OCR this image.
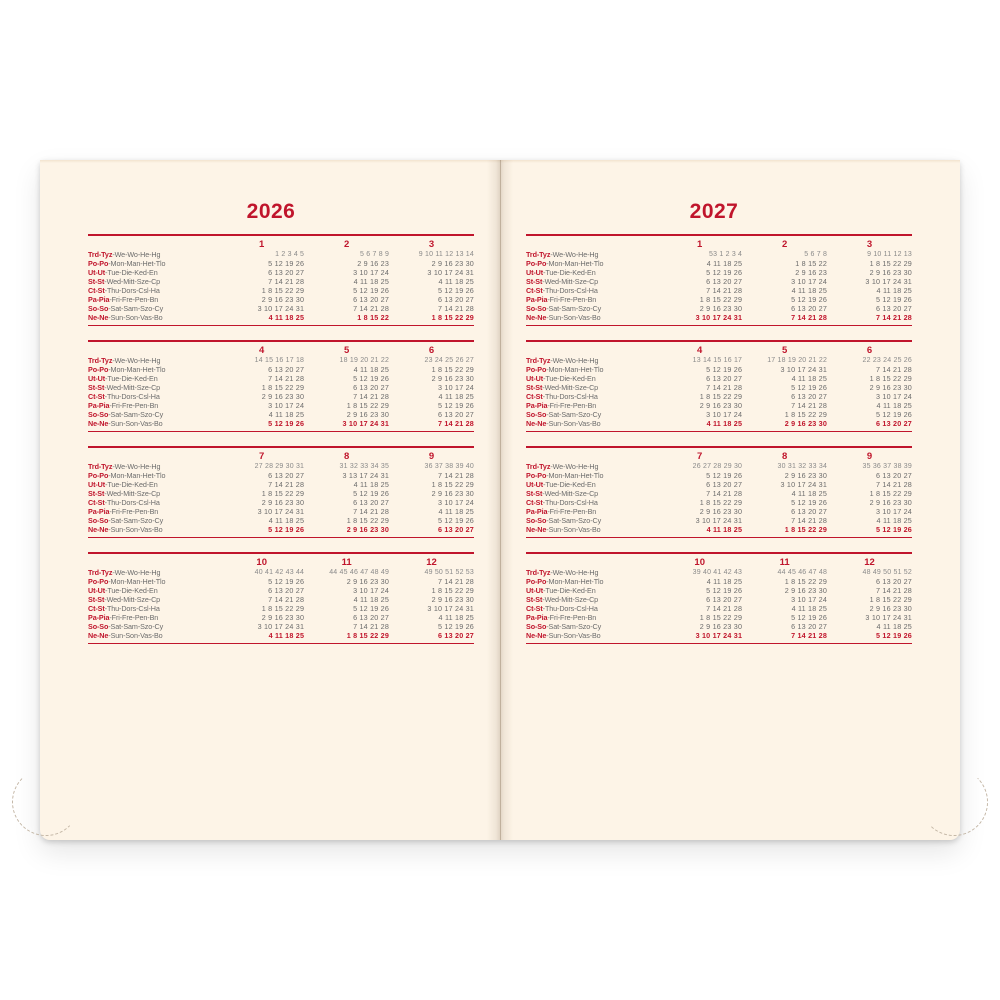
2026
	1	2	3
Trd-Tyz-We-Wo-He-Hg	1 2 3 4 5	5 6 7 8 9	9 10 11 12 13 14
Po-Po-Mon-Man-Het-Tlo	5 12 19 26	2 9 16 23	2 9 16 23 30
Ut-Ut-Tue-Die-Ked-En	6 13 20 27	3 10 17 24	3 10 17 24 31
St-St-Wed-Mitt-Sze-Cp	7 14 21 28	4 11 18 25	4 11 18 25
Ct-St-Thu-Dors-Csl-Ha	1 8 15 22 29	5 12 19 26	5 12 19 26
Pa-Pia-Fri-Fre-Pen-Bn	2 9 16 23 30	6 13 20 27	6 13 20 27
So-So-Sat-Sam-Szo-Cy	3 10 17 24 31	7 14 21 28	7 14 21 28
Ne-Ne-Sun-Son-Vas-Bo	4 11 18 25	1 8 15 22	1 8 15 22 29
	4	5	6
Trd-Tyz-We-Wo-He-Hg	14 15 16 17 18	18 19 20 21 22	23 24 25 26 27
Po-Po-Mon-Man-Het-Tlo	6 13 20 27	4 11 18 25	1 8 15 22 29
Ut-Ut-Tue-Die-Ked-En	7 14 21 28	5 12 19 26	2 9 16 23 30
St-St-Wed-Mitt-Sze-Cp	1 8 15 22 29	6 13 20 27	3 10 17 24
Ct-St-Thu-Dors-Csl-Ha	2 9 16 23 30	7 14 21 28	4 11 18 25
Pa-Pia-Fri-Fre-Pen-Bn	3 10 17 24	1 8 15 22 29	5 12 19 26
So-So-Sat-Sam-Szo-Cy	4 11 18 25	2 9 16 23 30	6 13 20 27
Ne-Ne-Sun-Son-Vas-Bo	5 12 19 26	3 10 17 24 31	7 14 21 28
	7	8	9
Trd-Tyz-We-Wo-He-Hg	27 28 29 30 31	31 32 33 34 35	36 37 38 39 40
Po-Po-Mon-Man-Het-Tlo	6 13 20 27	3 13 17 24 31	7 14 21 28
Ut-Ut-Tue-Die-Ked-En	7 14 21 28	4 11 18 25	1 8 15 22 29
St-St-Wed-Mitt-Sze-Cp	1 8 15 22 29	5 12 19 26	2 9 16 23 30
Ct-St-Thu-Dors-Csl-Ha	2 9 16 23 30	6 13 20 27	3 10 17 24
Pa-Pia-Fri-Fre-Pen-Bn	3 10 17 24 31	7 14 21 28	4 11 18 25
So-So-Sat-Sam-Szo-Cy	4 11 18 25	1 8 15 22 29	5 12 19 26
Ne-Ne-Sun-Son-Vas-Bo	5 12 19 26	2 9 16 23 30	6 13 20 27
	10	11	12
Trd-Tyz-We-Wo-He-Hg	40 41 42 43 44	44 45 46 47 48 49	49 50 51 52 53
Po-Po-Mon-Man-Het-Tlo	5 12 19 26	2 9 16 23 30	7 14 21 28
Ut-Ut-Tue-Die-Ked-En	6 13 20 27	3 10 17 24	1 8 15 22 29
St-St-Wed-Mitt-Sze-Cp	7 14 21 28	4 11 18 25	2 9 16 23 30
Ct-St-Thu-Dors-Csl-Ha	1 8 15 22 29	5 12 19 26	3 10 17 24 31
Pa-Pia-Fri-Fre-Pen-Bn	2 9 16 23 30	6 13 20 27	4 11 18 25
So-So-Sat-Sam-Szo-Cy	3 10 17 24 31	7 14 21 28	5 12 19 26
Ne-Ne-Sun-Son-Vas-Bo	4 11 18 25	1 8 15 22 29	6 13 20 27
2027
	1	2	3
Trd-Tyz-We-Wo-He-Hg	53 1 2 3 4	5 6 7 8	9 10 11 12 13
Po-Po-Mon-Man-Het-Tlo	4 11 18 25	1 8 15 22	1 8 15 22 29
Ut-Ut-Tue-Die-Ked-En	5 12 19 26	2 9 16 23	2 9 16 23 30
St-St-Wed-Mitt-Sze-Cp	6 13 20 27	3 10 17 24	3 10 17 24 31
Ct-St-Thu-Dors-Csl-Ha	7 14 21 28	4 11 18 25	4 11 18 25
Pa-Pia-Fri-Fre-Pen-Bn	1 8 15 22 29	5 12 19 26	5 12 19 26
So-So-Sat-Sam-Szo-Cy	2 9 16 23 30	6 13 20 27	6 13 20 27
Ne-Ne-Sun-Son-Vas-Bo	3 10 17 24 31	7 14 21 28	7 14 21 28
	4	5	6
Trd-Tyz-We-Wo-He-Hg	13 14 15 16 17	17 18 19 20 21 22	22 23 24 25 26
Po-Po-Mon-Man-Het-Tlo	5 12 19 26	3 10 17 24 31	7 14 21 28
Ut-Ut-Tue-Die-Ked-En	6 13 20 27	4 11 18 25	1 8 15 22 29
St-St-Wed-Mitt-Sze-Cp	7 14 21 28	5 12 19 26	2 9 16 23 30
Ct-St-Thu-Dors-Csl-Ha	1 8 15 22 29	6 13 20 27	3 10 17 24
Pa-Pia-Fri-Fre-Pen-Bn	2 9 16 23 30	7 14 21 28	4 11 18 25
So-So-Sat-Sam-Szo-Cy	3 10 17 24	1 8 15 22 29	5 12 19 26
Ne-Ne-Sun-Son-Vas-Bo	4 11 18 25	2 9 16 23 30	6 13 20 27
	7	8	9
Trd-Tyz-We-Wo-He-Hg	26 27 28 29 30	30 31 32 33 34	35 36 37 38 39
Po-Po-Mon-Man-Het-Tlo	5 12 19 26	2 9 16 23 30	6 13 20 27
Ut-Ut-Tue-Die-Ked-En	6 13 20 27	3 10 17 24 31	7 14 21 28
St-St-Wed-Mitt-Sze-Cp	7 14 21 28	4 11 18 25	1 8 15 22 29
Ct-St-Thu-Dors-Csl-Ha	1 8 15 22 29	5 12 19 26	2 9 16 23 30
Pa-Pia-Fri-Fre-Pen-Bn	2 9 16 23 30	6 13 20 27	3 10 17 24
So-So-Sat-Sam-Szo-Cy	3 10 17 24 31	7 14 21 28	4 11 18 25
Ne-Ne-Sun-Son-Vas-Bo	4 11 18 25	1 8 15 22 29	5 12 19 26
	10	11	12
Trd-Tyz-We-Wo-He-Hg	39 40 41 42 43	44 45 46 47 48	48 49 50 51 52
Po-Po-Mon-Man-Het-Tlo	4 11 18 25	1 8 15 22 29	6 13 20 27
Ut-Ut-Tue-Die-Ked-En	5 12 19 26	2 9 16 23 30	7 14 21 28
St-St-Wed-Mitt-Sze-Cp	6 13 20 27	3 10 17 24	1 8 15 22 29
Ct-St-Thu-Dors-Csl-Ha	7 14 21 28	4 11 18 25	2 9 16 23 30
Pa-Pia-Fri-Fre-Pen-Bn	1 8 15 22 29	5 12 19 26	3 10 17 24 31
So-So-Sat-Sam-Szo-Cy	2 9 16 23 30	6 13 20 27	4 11 18 25
Ne-Ne-Sun-Son-Vas-Bo	3 10 17 24 31	7 14 21 28	5 12 19 26
